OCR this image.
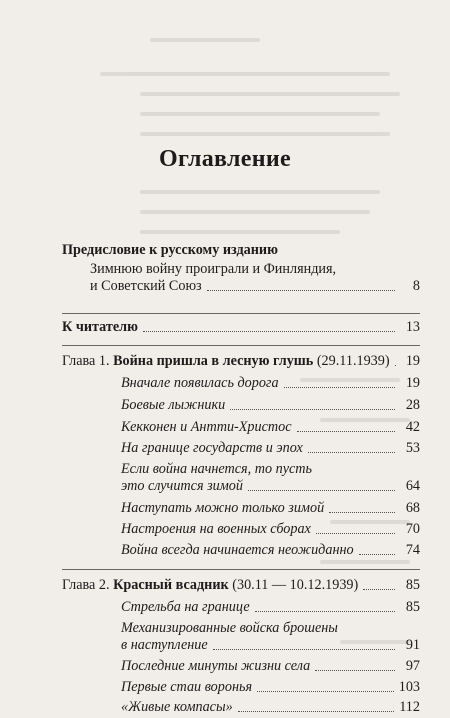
Оглавление
Предисловие к русскому изданию
Зимнюю войну проиграли и Финляндия,
и Советский Союз	8
К читателю	13
Глава 1. Война пришла в лесную глушь (29.11.1939)	19
Вначале появилась дорога	19
Боевые лыжники	28
Кекконен и Антти-Христос	42
На границе государств и эпох	53
Если война начнется, то пусть
это случится зимой	64
Наступать можно только зимой	68
Настроения на военных сборах	70
Война всегда начинается неожиданно	74
Глава 2. Красный всадник (30.11 — 10.12.1939)	85
Стрельба на границе	85
Механизированные войска брошены
в наступление	91
Последние минуты жизни села	97
Первые стаи воронья	103
«Живые компасы»	112
